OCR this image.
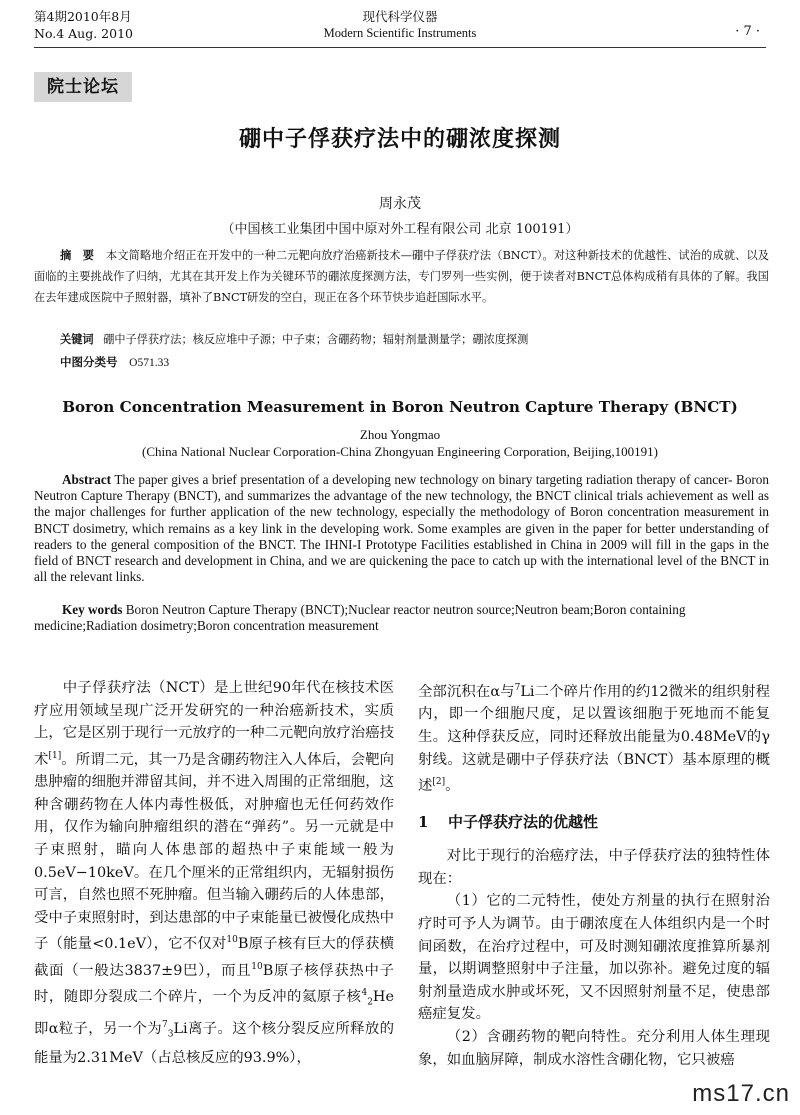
第4期2010年8月
No.4 Aug. 2010
现代科学仪器
Modern Scientific Instruments	· 7 ·
院士论坛
硼中子俘获疗法中的硼浓度探测
周永茂
（中国核工业集团中国中原对外工程有限公司 北京 100191）
摘　要 本文简略地介绍正在开发中的一种二元靶向放疗治癌新技术—硼中子俘获疗法（BNCT）。对这种新技术的优越性、试治的成就、以及面临的主要挑战作了归纳，尤其在其开发上作为关键环节的硼浓度探测方法，专门罗列一些实例，便于读者对BNCT总体构成稍有具体的了解。我国在去年建成医院中子照射器，填补了BNCT研发的空白，现正在各个环节快步追赶国际水平。
关键词 硼中子俘获疗法；核反应堆中子源；中子束；含硼药物；辐射剂量测量学；硼浓度探测
中图分类号 O571.33
Boron Concentration Measurement in Boron Neutron Capture Therapy (BNCT)
Zhou Yongmao
(China National Nuclear Corporation-China Zhongyuan Engineering Corporation, Beijing,100191)
Abstract The paper gives a brief presentation of a developing new technology on binary targeting radiation therapy of cancer- Boron Neutron Capture Therapy (BNCT), and summarizes the advantage of the new technology, the BNCT clinical trials achievement as well as the major challenges for further application of the new technology, especially the methodology of Boron concentration measurement in BNCT dosimetry, which remains as a key link in the developing work. Some examples are given in the paper for better understanding of readers to the general composition of the BNCT. The IHNI-I Prototype Facilities established in China in 2009 will fill in the gaps in the field of BNCT research and development in China, and we are quickening the pace to catch up with the international level of the BNCT in all the relevant links.
Key words Boron Neutron Capture Therapy (BNCT);Nuclear reactor neutron source;Neutron beam;Boron containing medicine;Radiation dosimetry;Boron concentration measurement

中子俘获疗法（NCT）是上世纪90年代在核技术医疗应用领域呈现广泛开发研究的一种治癌新技术，实质上，它是区别于现行一元放疗的一种二元靶向放疗治癌技术[1]。所谓二元，其一乃是含硼药物注入人体后，会靶向患肿瘤的细胞并滞留其间，并不进入周围的正常细胞，这种含硼药物在人体内毒性极低，对肿瘤也无任何药效作用，仅作为输向肿瘤组织的潜在“弹药”。另一元就是中子束照射，瞄向人体患部的超热中子束能域一般为0.5eV−10keV。在几个厘米的正常组织内，无辐射损伤可言，自然也照不死肿瘤。但当输入硼药后的人体患部，受中子束照射时，到达患部的中子束能量已被慢化成热中子（能量<0.1eV），它不仅对$^{10}$B原子核有巨大的俘获横截面（一般达3837±9巴），而且$^{10}$B原子核俘获热中子时，随即分裂成二个碎片，一个为反冲的氦原子核$^4_2$He即α粒子，另一个为$^7_3$Li离子。这个核分裂反应所释放的能量为2.31MeV（占总核反应的93.9%），

全部沉积在α与$^7$Li二个碎片作用的约12微米的组织射程内，即一个细胞尺度，足以置该细胞于死地而不能复生。这种俘获反应，同时还释放出能量为0.48MeV的γ射线。这就是硼中子俘获疗法（BNCT）基本原理的概述[2]。

1 中子俘获疗法的优越性

对比于现行的治癌疗法，中子俘获疗法的独特性体现在：

（1）它的二元特性，使处方剂量的执行在照射治疗时可予人为调节。由于硼浓度在人体组织内是一个时间函数，在治疗过程中，可及时测知硼浓度推算所暴剂量，以期调整照射中子注量，加以弥补。避免过度的辐射剂量造成水肿或坏死，又不因照射剂量不足，使患部癌症复发。

（2）含硼药物的靶向特性。充分利用人体生理现象，如血脑屏障，制成水溶性含硼化物，它只被癌

ms17.cn
